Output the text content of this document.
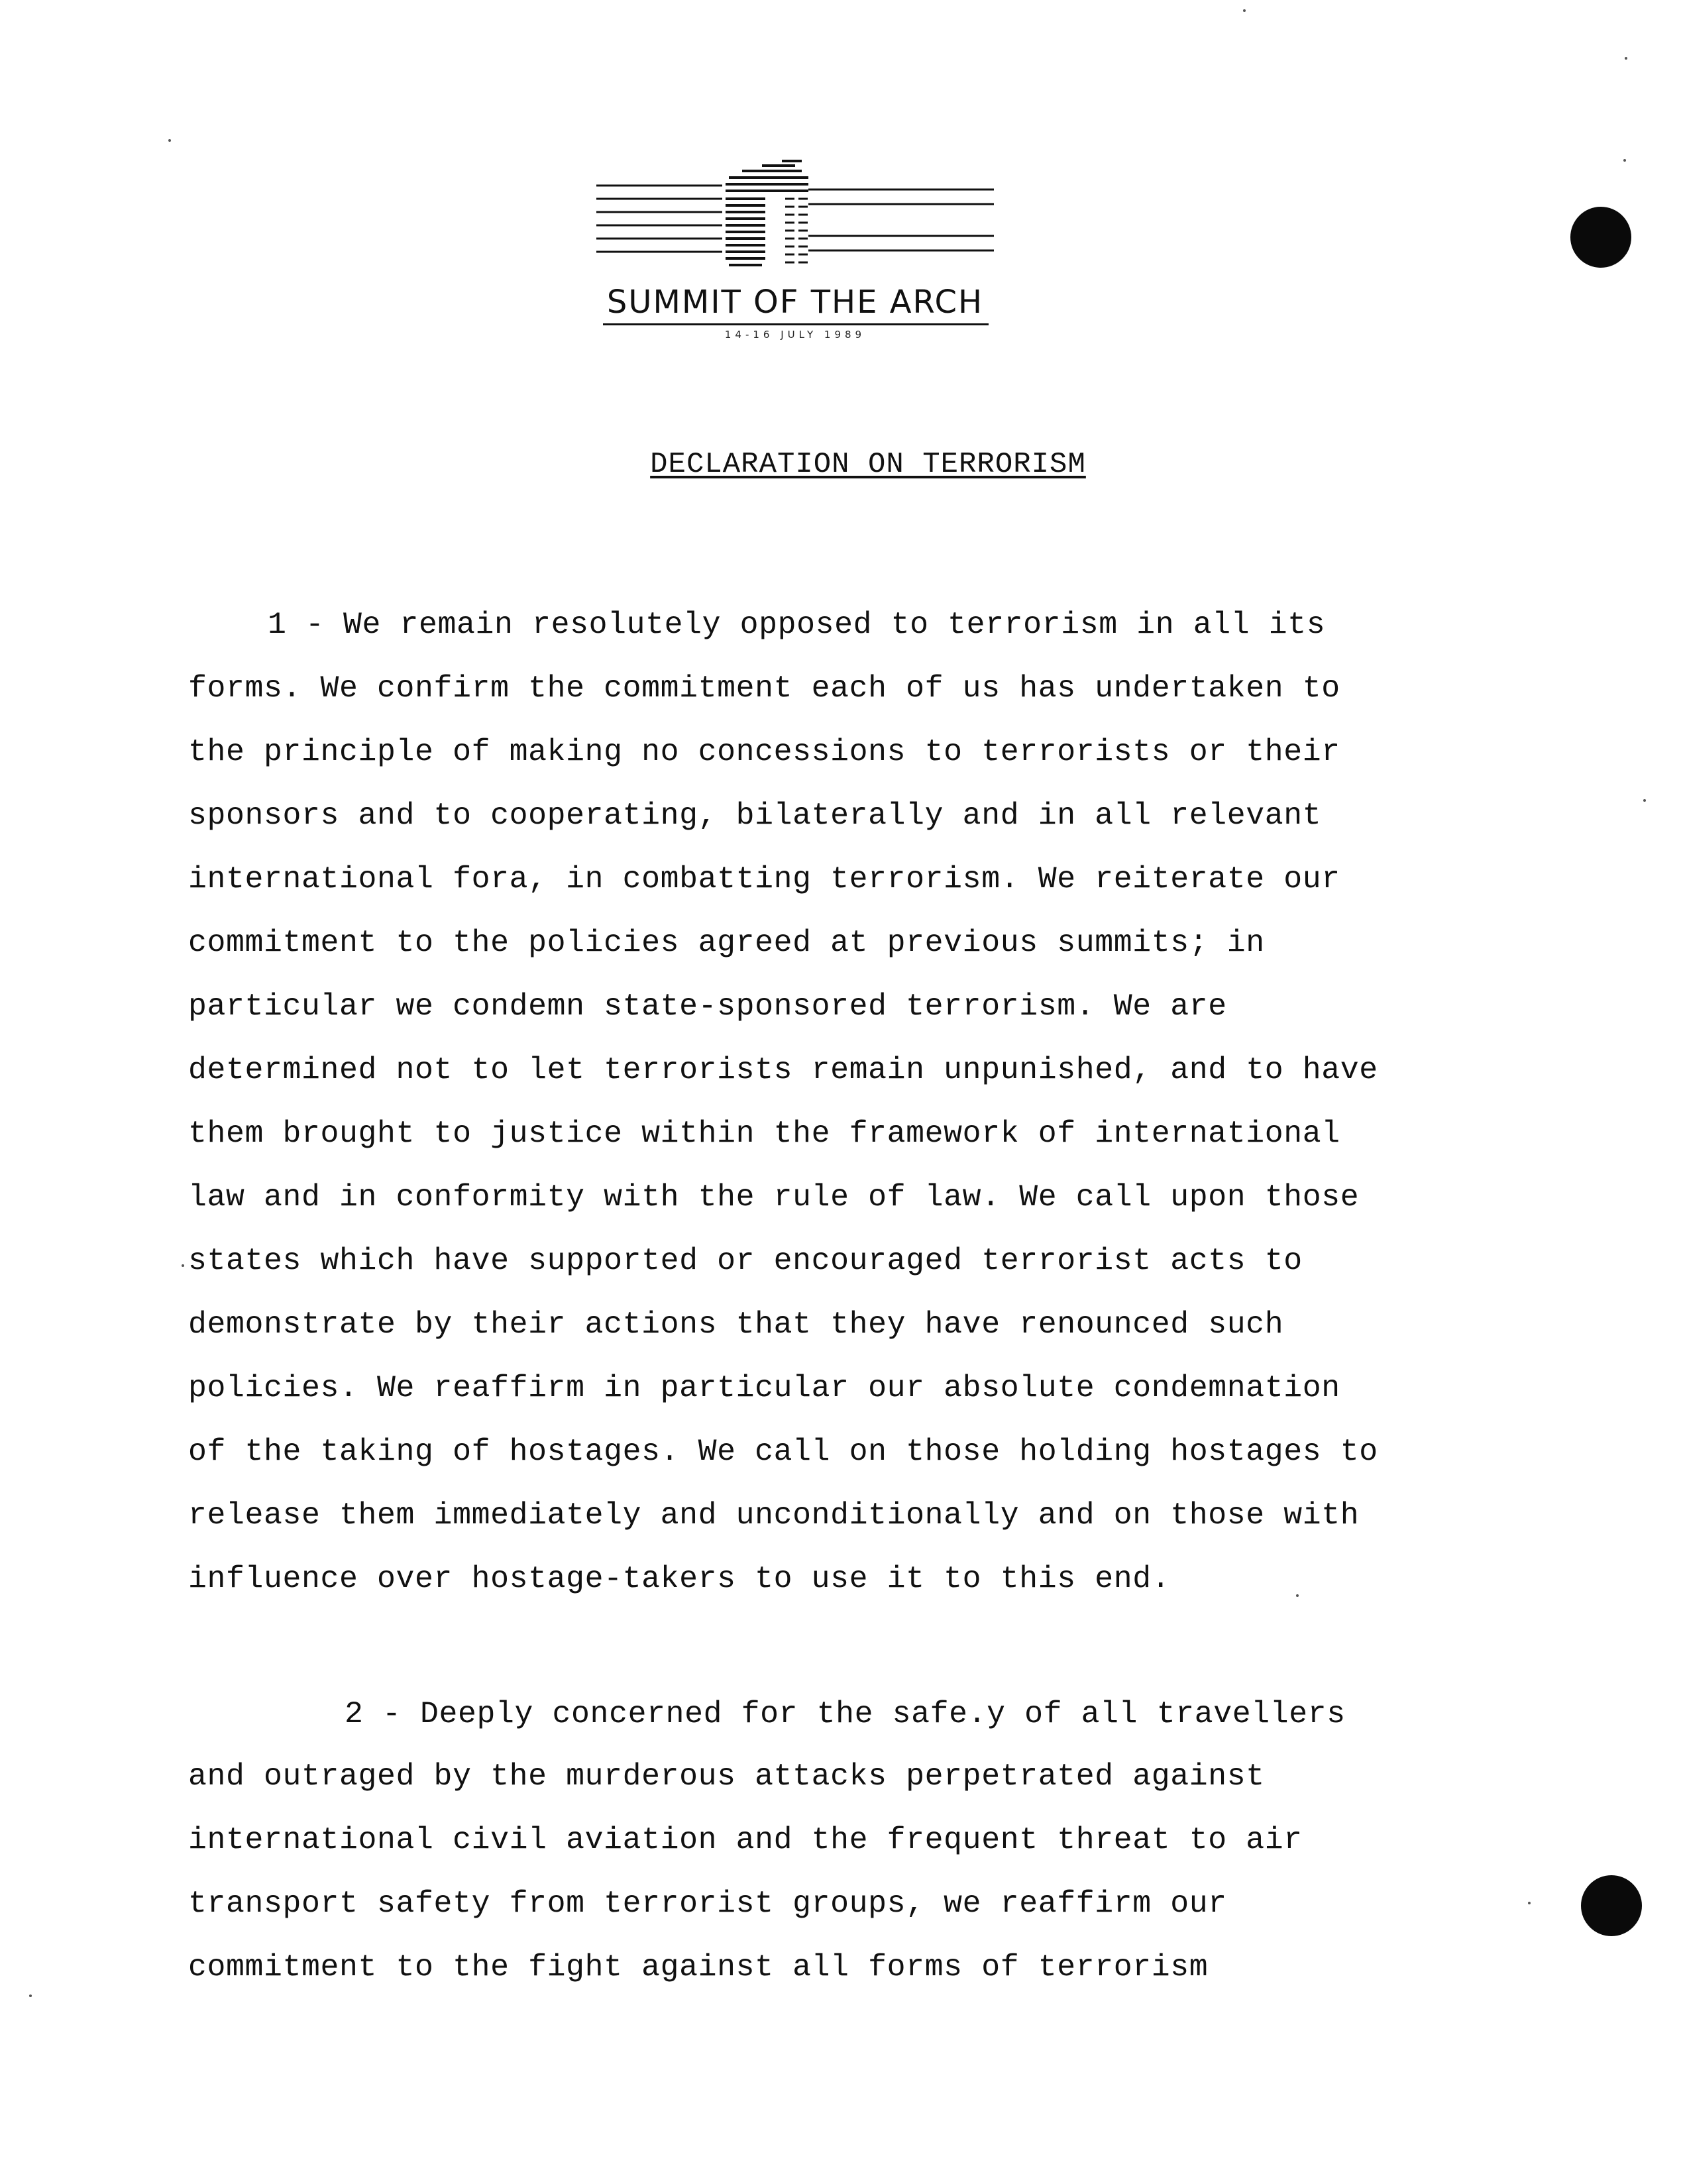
SUMMIT OF THE ARCH
14-16 JULY 1989
DECLARATION ON TERRORISM
1 - We remain resolutely opposed to terrorism in all its
forms. We confirm the commitment each of us has undertaken to
the principle of making no concessions to terrorists or their
sponsors and to cooperating, bilaterally and in all relevant
international fora, in combatting terrorism. We reiterate our
commitment to the policies agreed at previous summits; in
particular we condemn state-sponsored terrorism. We are
determined not to let terrorists remain unpunished, and to have
them brought to justice within the framework of international
law and in conformity with the rule of law. We call upon those
states which have supported or encouraged terrorist acts to
demonstrate by their actions that they have renounced such
policies. We reaffirm in particular our absolute condemnation
of the taking of hostages. We call on those holding hostages to
release them immediately and unconditionally and on those with
influence over hostage-takers to use it to this end.
2 - Deeply concerned for the safe.y of all travellers
and outraged by the murderous attacks perpetrated against
international civil aviation and the frequent threat to air
transport safety from terrorist groups, we reaffirm our
commitment to the fight against all forms of terrorism
